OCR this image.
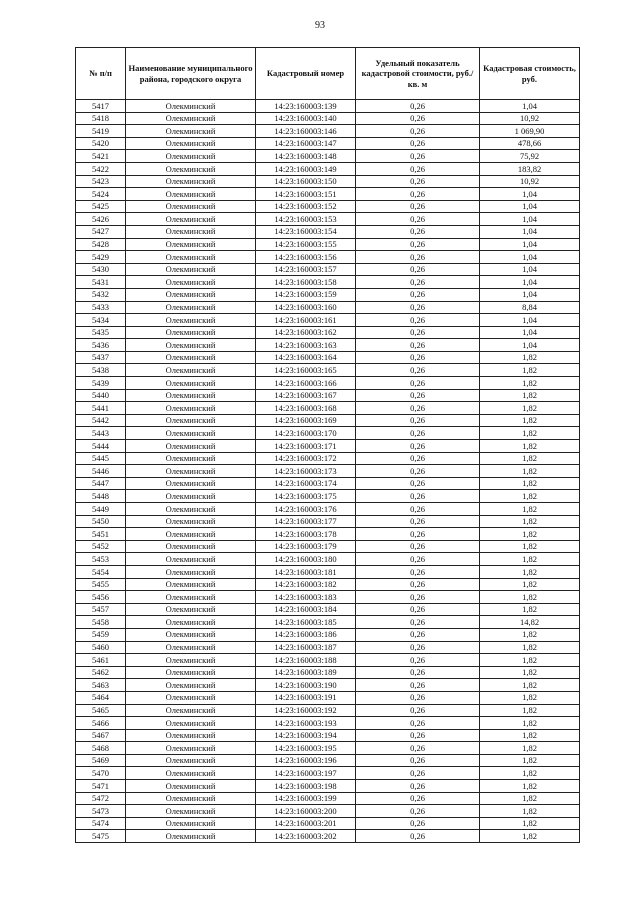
93
№ п/п	Наименование муниципального района, городского округа	Кадастровый номер	Удельный показатель кадастровой стоимости, руб./кв. м	Кадастровая стоимость, руб.
5417	Олекминский	14:23:160003:139	0,26	1,04
5418	Олекминский	14:23:160003:140	0,26	10,92
5419	Олекминский	14:23:160003:146	0,26	1 069,90
5420	Олекминский	14:23:160003:147	0,26	478,66
5421	Олекминский	14:23:160003:148	0,26	75,92
5422	Олекминский	14:23:160003:149	0,26	183,82
5423	Олекминский	14:23:160003:150	0,26	10,92
5424	Олекминский	14:23:160003:151	0,26	1,04
5425	Олекминский	14:23:160003:152	0,26	1,04
5426	Олекминский	14:23:160003:153	0,26	1,04
5427	Олекминский	14:23:160003:154	0,26	1,04
5428	Олекминский	14:23:160003:155	0,26	1,04
5429	Олекминский	14:23:160003:156	0,26	1,04
5430	Олекминский	14:23:160003:157	0,26	1,04
5431	Олекминский	14:23:160003:158	0,26	1,04
5432	Олекминский	14:23:160003:159	0,26	1,04
5433	Олекминский	14:23:160003:160	0,26	8,84
5434	Олекминский	14:23:160003:161	0,26	1,04
5435	Олекминский	14:23:160003:162	0,26	1,04
5436	Олекминский	14:23:160003:163	0,26	1,04
5437	Олекминский	14:23:160003:164	0,26	1,82
5438	Олекминский	14:23:160003:165	0,26	1,82
5439	Олекминский	14:23:160003:166	0,26	1,82
5440	Олекминский	14:23:160003:167	0,26	1,82
5441	Олекминский	14:23:160003:168	0,26	1,82
5442	Олекминский	14:23:160003:169	0,26	1,82
5443	Олекминский	14:23:160003:170	0,26	1,82
5444	Олекминский	14:23:160003:171	0,26	1,82
5445	Олекминский	14:23:160003:172	0,26	1,82
5446	Олекминский	14:23:160003:173	0,26	1,82
5447	Олекминский	14:23:160003:174	0,26	1,82
5448	Олекминский	14:23:160003:175	0,26	1,82
5449	Олекминский	14:23:160003:176	0,26	1,82
5450	Олекминский	14:23:160003:177	0,26	1,82
5451	Олекминский	14:23:160003:178	0,26	1,82
5452	Олекминский	14:23:160003:179	0,26	1,82
5453	Олекминский	14:23:160003:180	0,26	1,82
5454	Олекминский	14:23:160003:181	0,26	1,82
5455	Олекминский	14:23:160003:182	0,26	1,82
5456	Олекминский	14:23:160003:183	0,26	1,82
5457	Олекминский	14:23:160003:184	0,26	1,82
5458	Олекминский	14:23:160003:185	0,26	14,82
5459	Олекминский	14:23:160003:186	0,26	1,82
5460	Олекминский	14:23:160003:187	0,26	1,82
5461	Олекминский	14:23:160003:188	0,26	1,82
5462	Олекминский	14:23:160003:189	0,26	1,82
5463	Олекминский	14:23:160003:190	0,26	1,82
5464	Олекминский	14:23:160003:191	0,26	1,82
5465	Олекминский	14:23:160003:192	0,26	1,82
5466	Олекминский	14:23:160003:193	0,26	1,82
5467	Олекминский	14:23:160003:194	0,26	1,82
5468	Олекминский	14:23:160003:195	0,26	1,82
5469	Олекминский	14:23:160003:196	0,26	1,82
5470	Олекминский	14:23:160003:197	0,26	1,82
5471	Олекминский	14:23:160003:198	0,26	1,82
5472	Олекминский	14:23:160003:199	0,26	1,82
5473	Олекминский	14:23:160003:200	0,26	1,82
5474	Олекминский	14:23:160003:201	0,26	1,82
5475	Олекминский	14:23:160003:202	0,26	1,82
